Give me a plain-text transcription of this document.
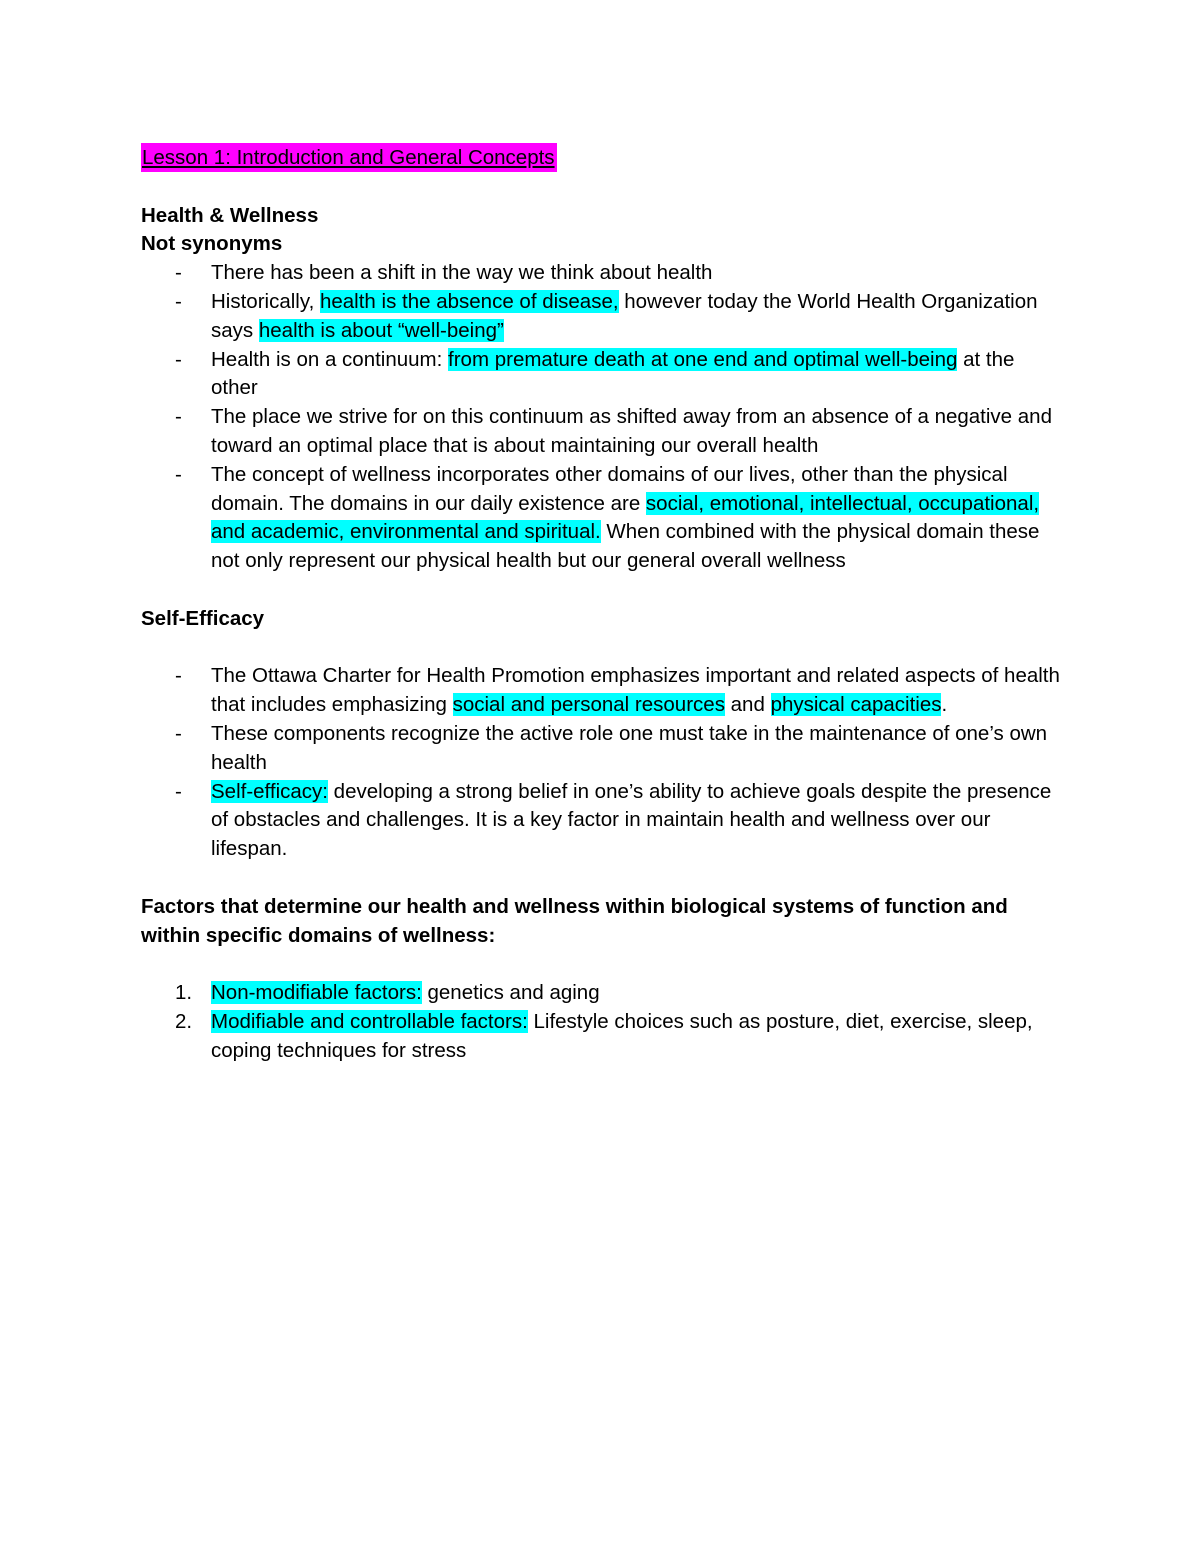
Lesson 1: Introduction and General Concepts

Health & Wellness

Not synonyms

- There has been a shift in the way we think about health
- Historically, health is the absence of disease, however today the World Health Organization says health is about “well-being”
- Health is on a continuum: from premature death at one end and optimal well-being at the other
- The place we strive for on this continuum as shifted away from an absence of a negative and toward an optimal place that is about maintaining our overall health
- The concept of wellness incorporates other domains of our lives, other than the physical domain. The domains in our daily existence are social, emotional, intellectual, occupational, and academic, environmental and spiritual. When combined with the physical domain these not only represent our physical health but our general overall wellness

Self-Efficacy

- The Ottawa Charter for Health Promotion emphasizes important and related aspects of health that includes emphasizing social and personal resources and physical capacities.
- These components recognize the active role one must take in the maintenance of one’s own health
- Self-efficacy: developing a strong belief in one’s ability to achieve goals despite the presence of obstacles and challenges. It is a key factor in maintain health and wellness over our lifespan.

Factors that determine our health and wellness within biological systems of function and within specific domains of wellness:

1. Non-modifiable factors: genetics and aging
2. Modifiable and controllable factors: Lifestyle choices such as posture, diet, exercise, sleep, coping techniques for stress
